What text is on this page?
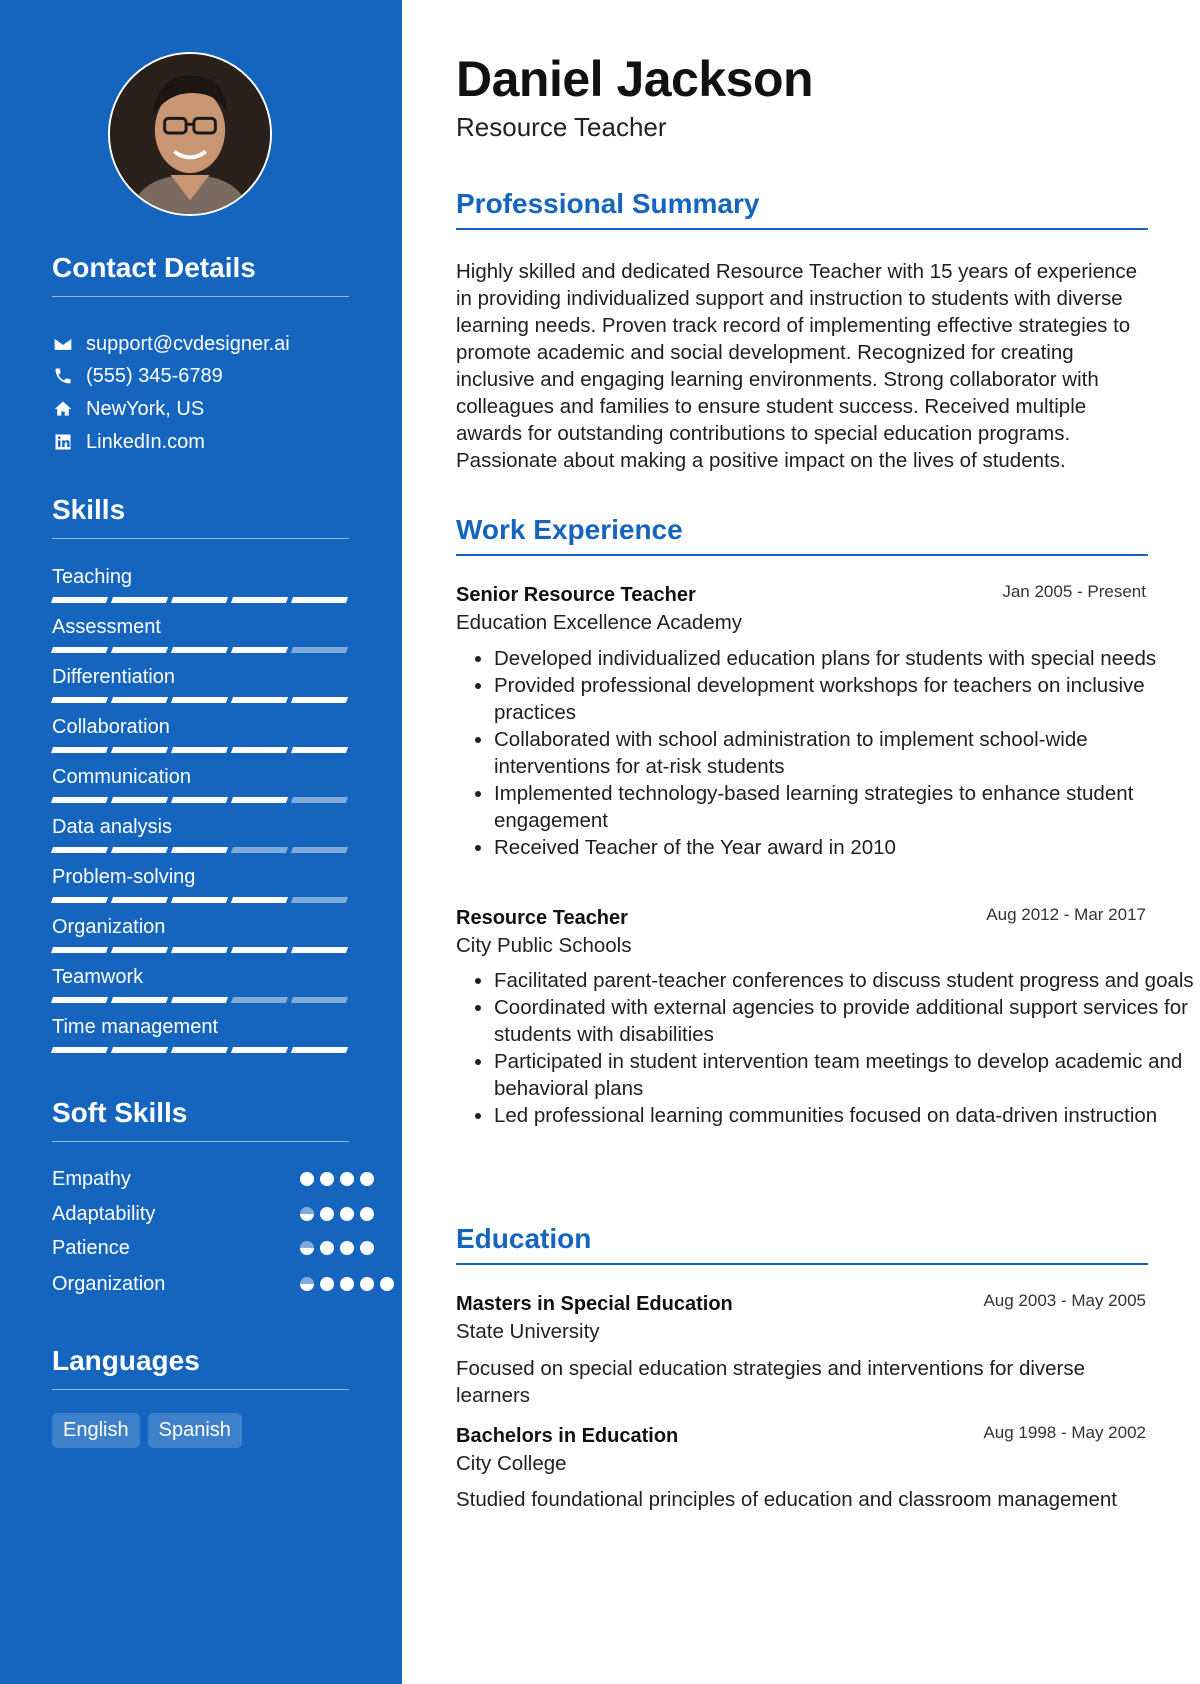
Contact Details
support@cvdesigner.ai
(555) 345-6789
NewYork, US
LinkedIn.com
Skills
Teaching
Assessment
Differentiation
Collaboration
Communication
Data analysis
Problem-solving
Organization
Teamwork
Time management
Soft Skills
Empathy
Adaptability
Patience
Organization
Languages
English	Spanish
Daniel Jackson
Resource Teacher
Professional Summary

Highly skilled and dedicated Resource Teacher with 15 years of experience in providing individualized support and instruction to students with diverse learning needs. Proven track record of implementing effective strategies to promote academic and social development. Recognized for creating inclusive and engaging learning environments. Strong collaborator with colleagues and families to ensure student success. Received multiple awards for outstanding contributions to special education programs. Passionate about making a positive impact on the lives of students.

Work Experience
Senior Resource Teacher	Jan 2005 - Present
Education Excellence Academy
• Developed individualized education plans for students with special needs
• Provided professional development workshops for teachers on inclusive practices
• Collaborated with school administration to implement school-wide interventions for at-risk students
• Implemented technology-based learning strategies to enhance student engagement
• Received Teacher of the Year award in 2010
Resource Teacher	Aug 2012 - Mar 2017
City Public Schools
• Facilitated parent-teacher conferences to discuss student progress and goals
• Coordinated with external agencies to provide additional support services for students with disabilities
• Participated in student intervention team meetings to develop academic and behavioral plans
• Led professional learning communities focused on data-driven instruction
Education
Masters in Special Education	Aug 2003 - May 2005
State University

Focused on special education strategies and interventions for diverse learners

Bachelors in Education	Aug 1998 - May 2002
City College

Studied foundational principles of education and classroom management
